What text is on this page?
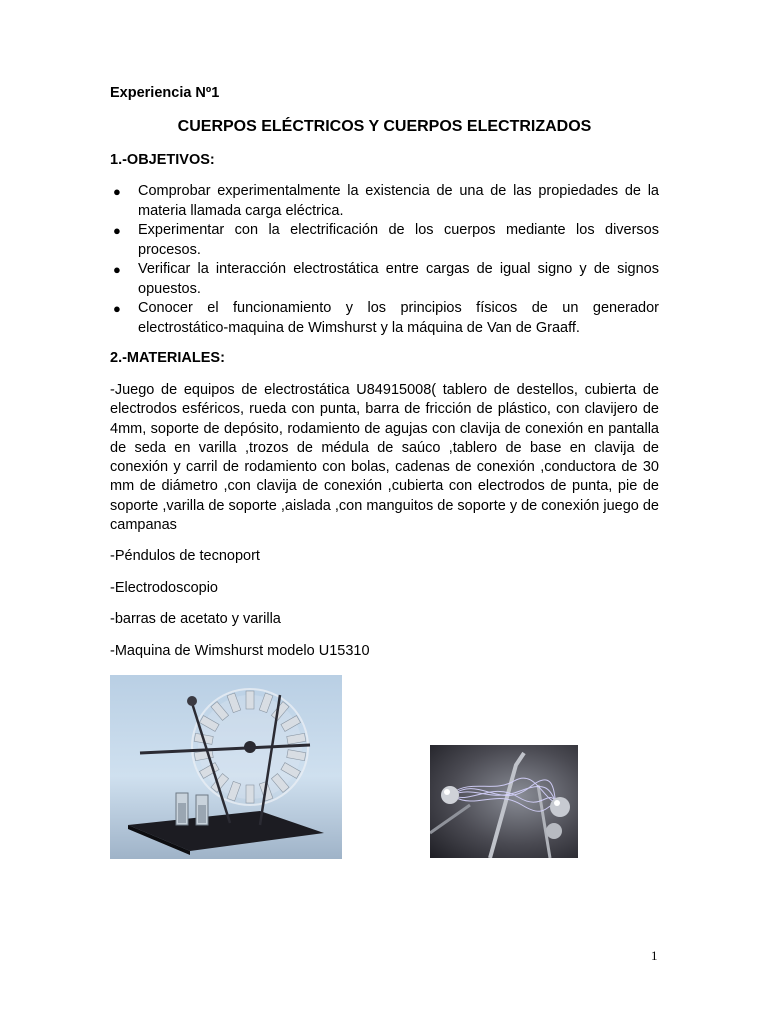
Experiencia Nº1
CUERPOS ELÉCTRICOS Y CUERPOS ELECTRIZADOS
1.-OBJETIVOS:
● Comprobar experimentalmente la existencia de una de las propiedades de la materia llamada carga eléctrica.
● Experimentar con la electrificación de los cuerpos mediante los diversos procesos.
● Verificar la interacción electrostática entre cargas de igual signo y de signos opuestos.
● Conocer el funcionamiento y los principios físicos de un generador electrostático-maquina de Wimshurst y la máquina de Van de Graaff.
2.-MATERIALES:

-Juego de equipos de electrostática U84915008( tablero de destellos, cubierta de electrodos esféricos, rueda con punta, barra de fricción de plástico, con clavijero de 4mm, soporte de depósito, rodamiento de agujas con clavija de conexión en pantalla de seda en varilla ,trozos de médula de saúco ,tablero de base en clavija de conexión y carril de rodamiento con bolas, cadenas de conexión ,conductora de 30 mm de diámetro ,con clavija de conexión ,cubierta con electrodos de punta, pie de soporte ,varilla de soporte ,aislada ,con manguitos de soporte y de conexión juego de campanas

-Péndulos de tecnoport

-Electrodoscopio

-barras de acetato y varilla

-Maquina de Wimshurst modelo U15310

1
